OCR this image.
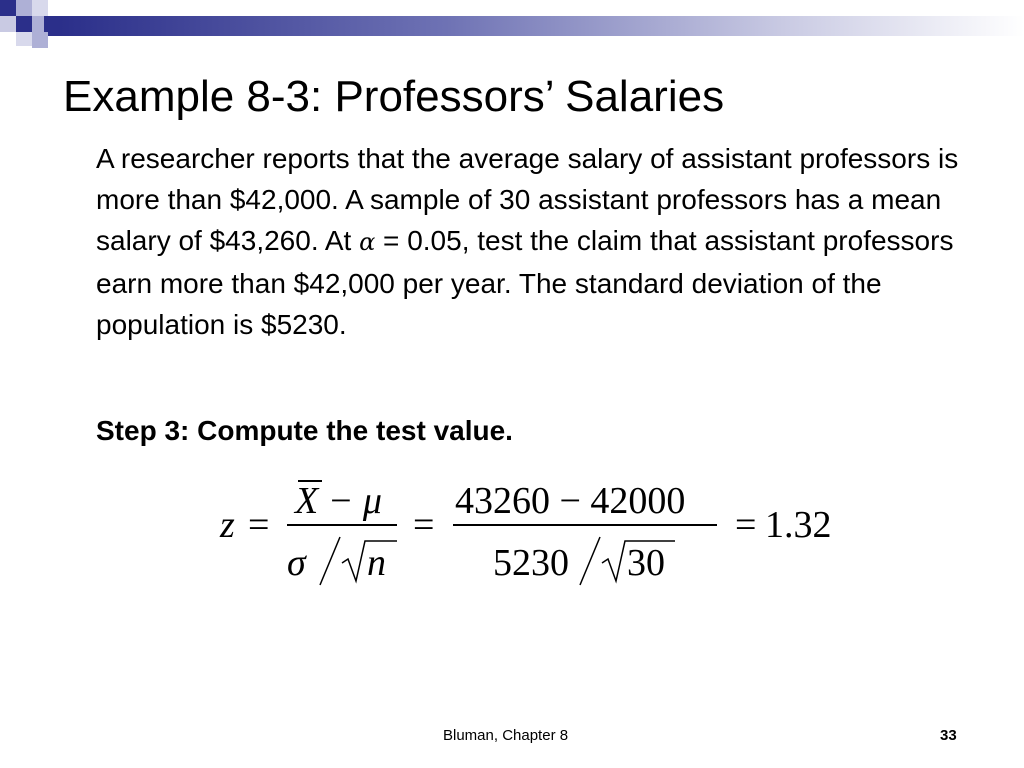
Example 8-3: Professors’ Salaries
A researcher reports that the average salary of assistant professors is more than $42,000. A sample of 30 assistant professors has a mean salary of $43,260. At α = 0.05, test the claim that assistant professors earn more than $42,000 per year. The standard deviation of the population is $5230.
Step 3: Compute the test value.
z =
X − μ
σ n
=
43260 − 42000
5230 30
= 1.32
Bluman, Chapter 8	33
